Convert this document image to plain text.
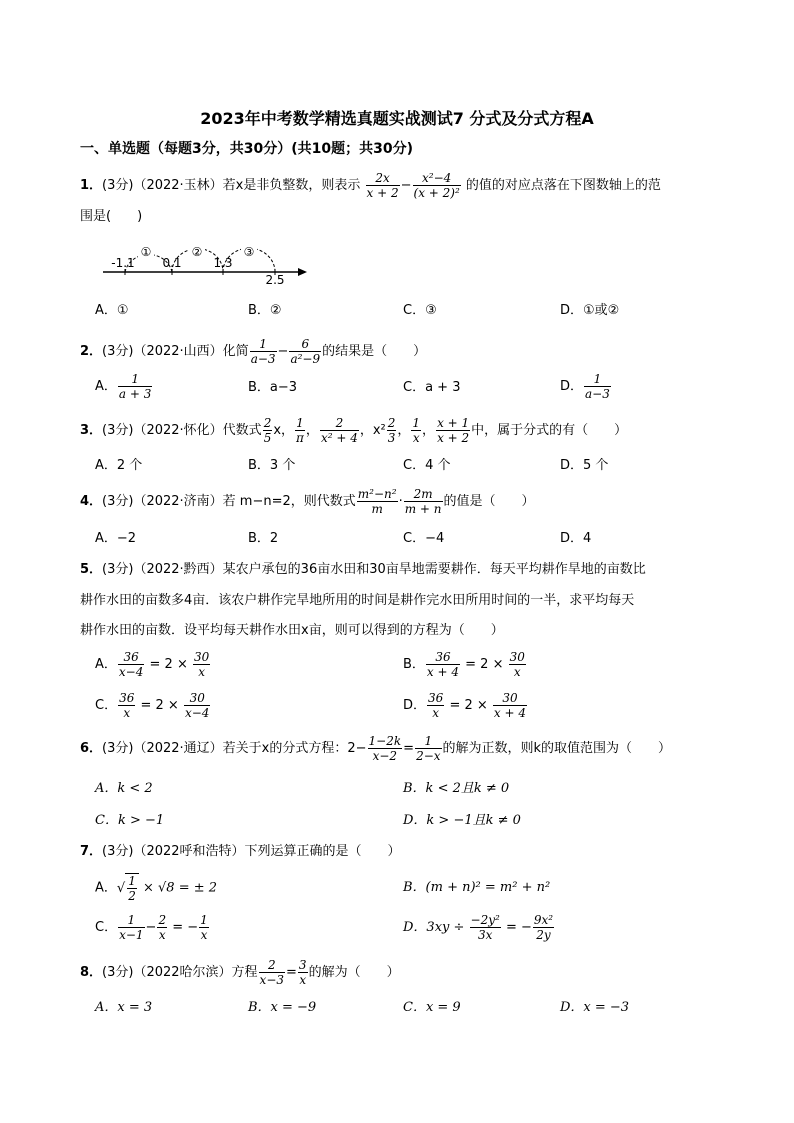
2023年中考数学精选真题实战测试7 分式及分式方程A
一、单选题（每题3分，共30分）(共10题；共30分)
1．(3分)（2022·玉林）若x是非负整数，则表示 $\frac{2x}{x + 2} - \frac{\text{x²−4}}{\text{(x + 2)²}}$ 的值的对应点落在下图数轴上的范
围是(　　)
①	②	③
-1.1 0.1	1.3
2.5
A．①	B．②	C．③	D．①或②
2．(3分)（2022·山西）化简 $\frac{1}{a-3} - \frac{6}{\text{a²−9}}$ 的结果是（　　）
A． $\frac{1}{a + 3}$	B．a−3	C．a + 3	D． $\frac{1}{a-3}$
3．(3分)（2022·怀化）代数式 $\frac{2}{5}$ x， $\frac{1}{\pi}$ ， $\frac{2}{\text{x² + 4}}$ ，$x^2 \frac{2}{3}$ ， $\frac{1}{x}$ ， $\frac{x + 1}{x + 2}$ 中，属于分式的有（　　）
A．2 个	B．3 个	C．4 个	D．5 个
4．(3分)（2022·济南）若 m−n=2，则代数式 $\frac{\text{m²−n²}}{m} \cdot \frac{2m}{m + n}$ 的值是（　　）
A．−2	B．2	C．−4	D．4
5．(3分)（2022·黔西）某农户承包的36亩水田和30亩旱地需要耕作．每天平均耕作旱地的亩数比
耕作水田的亩数多4亩．该农户耕作完旱地所用的时间是耕作完水田所用时间的一半，求平均每天
耕作水田的亩数．设平均每天耕作水田x亩，则可以得到的方程为（　　）
A． $\frac{36}{x-4} = 2 \times \frac{30}{x}$	B． $\frac{36}{x + 4} = 2 \times \frac{30}{x}$
C． $\frac{36}{x} = 2 \times \frac{30}{x-4}$	D． $\frac{36}{x} = 2 \times \frac{30}{x + 4}$
6．(3分)（2022·通辽）若关于x的分式方程：$2- \frac{1-2k}{x-2} = \frac{1}{2-x}$ 的解为正数，则k的取值范围为（　　）
A．k < 2	B．k < 2且k ≠ 0
C．k > −1	D．k > −1且k ≠ 0
7．(3分)（2022呼和浩特）下列运算正确的是（　　）
A．√ $\frac{1}{2} \times √8$ = ± 2	B．(m + n)² = m² + n²
C． $\frac{1}{x-1} - \frac{2}{x}$ = − $\frac{1}{x}$	D．$3xy \div \frac{\text{−2y²}}{3x}$ = − $\frac{\text{9x²}}{2y}$
8．(3分)（2022哈尔滨）方程 $\frac{2}{x-3} = \frac{3}{x}$ 的解为（　　）
A．x = 3	B．x = −9	C．x = 9	D．x = −3
